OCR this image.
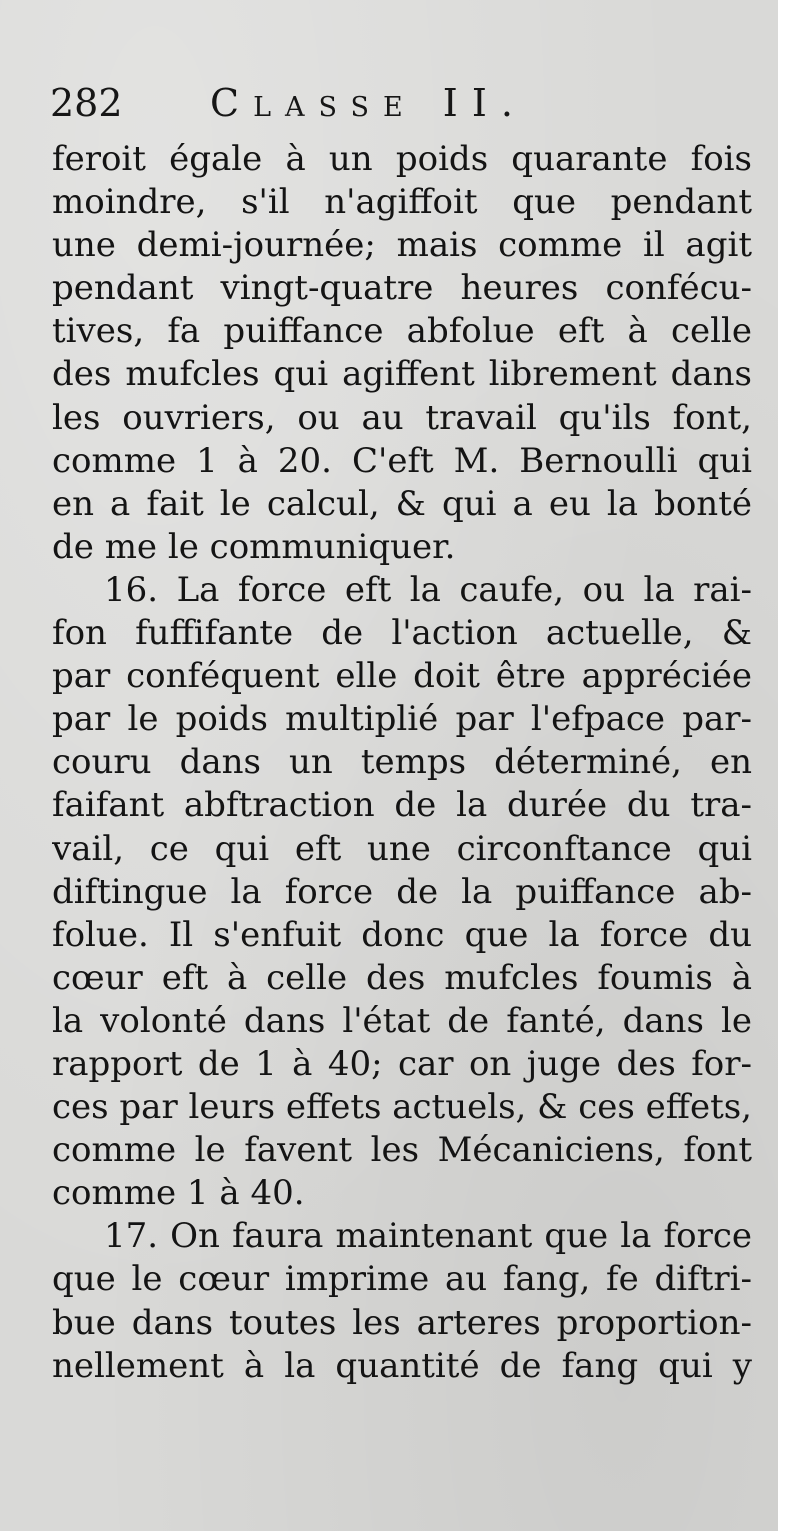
282 Classe II.
feroit égale à un poids quarante fois
moindre, s'il n'agiffoit que pendant
une demi-journée; mais comme il agit
pendant vingt-quatre heures confécu-
tives, fa puiffance abfolue eft à celle
des mufcles qui agiffent librement dans
les ouvriers, ou au travail qu'ils font,
comme 1 à 20. C'eft M. Bernoulli qui
en a fait le calcul, & qui a eu la bonté
de me le communiquer.
16. La force eft la caufe, ou la rai-
fon fuffifante de l'action actuelle, &
par conféquent elle doit être appréciée
par le poids multiplié par l'efpace par-
couru dans un temps déterminé, en
faifant abftraction de la durée du tra-
vail, ce qui eft une circonftance qui
diftingue la force de la puiffance ab-
folue. Il s'enfuit donc que la force du
cœur eft à celle des mufcles foumis à
la volonté dans l'état de fanté, dans le
rapport de 1 à 40; car on juge des for-
ces par leurs effets actuels, & ces effets,
comme le favent les Mécaniciens, font
comme 1 à 40.
17. On faura maintenant que la force
que le cœur imprime au fang, fe diftri-
bue dans toutes les arteres proportion-
nellement à la quantité de fang qui y
